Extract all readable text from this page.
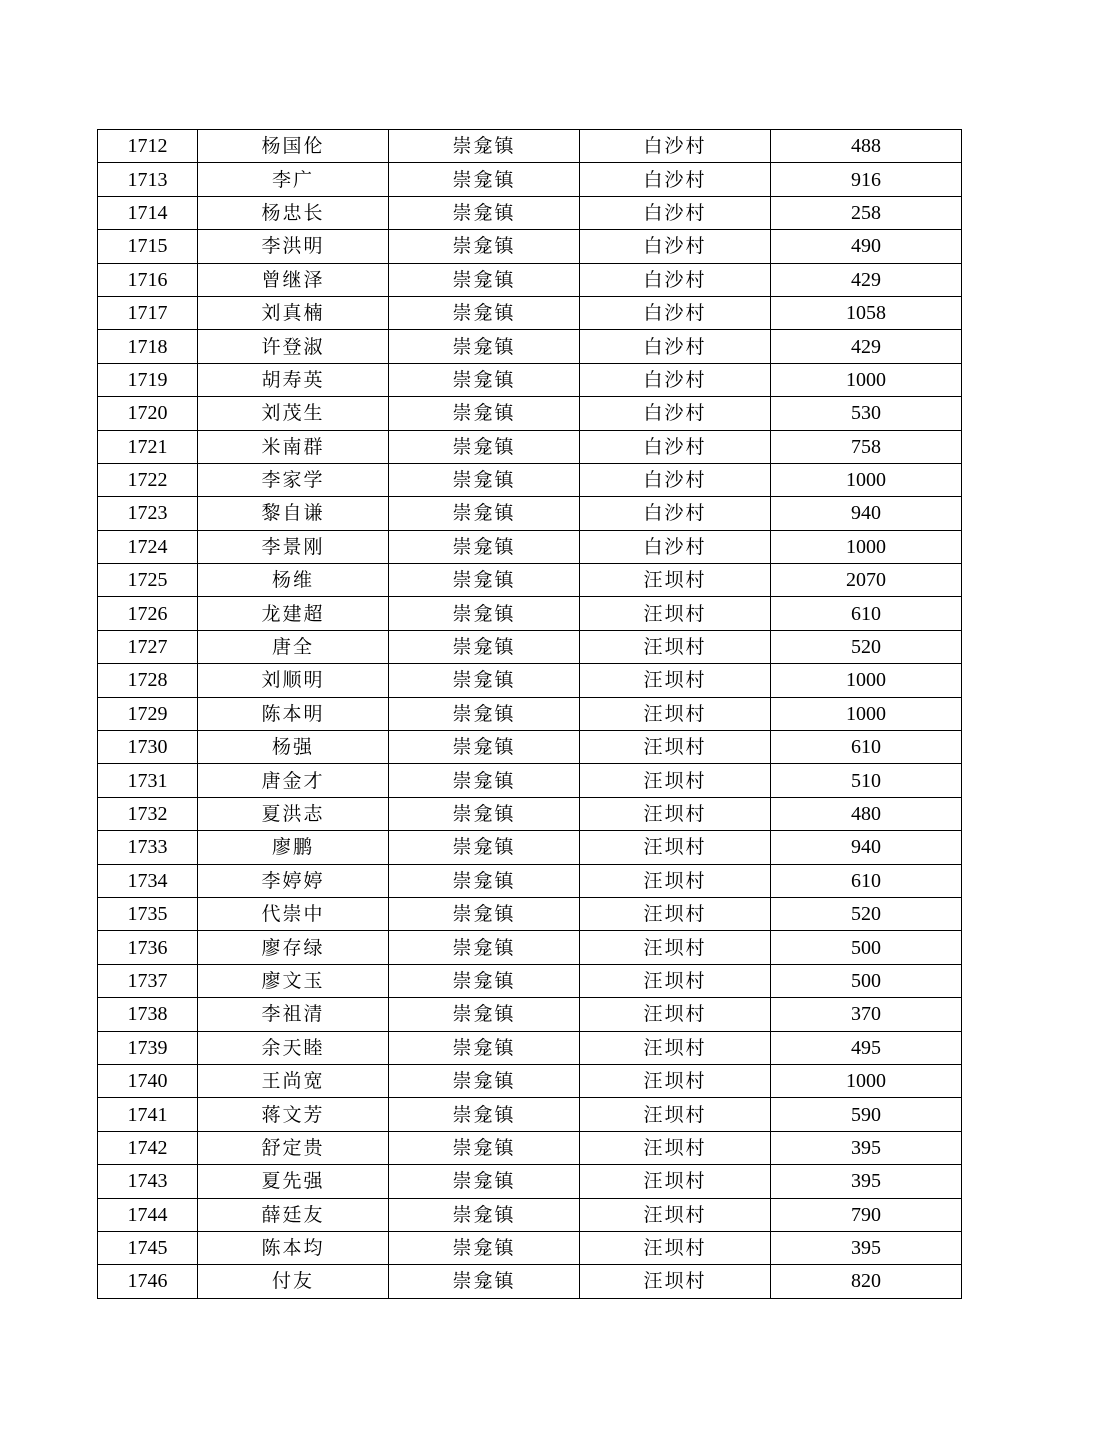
1712	杨国伦	崇龛镇	白沙村	488
1713	李广	崇龛镇	白沙村	916
1714	杨忠长	崇龛镇	白沙村	258
1715	李洪明	崇龛镇	白沙村	490
1716	曾继泽	崇龛镇	白沙村	429
1717	刘真楠	崇龛镇	白沙村	1058
1718	许登淑	崇龛镇	白沙村	429
1719	胡寿英	崇龛镇	白沙村	1000
1720	刘茂生	崇龛镇	白沙村	530
1721	米南群	崇龛镇	白沙村	758
1722	李家学	崇龛镇	白沙村	1000
1723	黎自谦	崇龛镇	白沙村	940
1724	李景刚	崇龛镇	白沙村	1000
1725	杨维	崇龛镇	汪坝村	2070
1726	龙建超	崇龛镇	汪坝村	610
1727	唐全	崇龛镇	汪坝村	520
1728	刘顺明	崇龛镇	汪坝村	1000
1729	陈本明	崇龛镇	汪坝村	1000
1730	杨强	崇龛镇	汪坝村	610
1731	唐金才	崇龛镇	汪坝村	510
1732	夏洪志	崇龛镇	汪坝村	480
1733	廖鹏	崇龛镇	汪坝村	940
1734	李婷婷	崇龛镇	汪坝村	610
1735	代崇中	崇龛镇	汪坝村	520
1736	廖存绿	崇龛镇	汪坝村	500
1737	廖文玉	崇龛镇	汪坝村	500
1738	李祖清	崇龛镇	汪坝村	370
1739	余天睦	崇龛镇	汪坝村	495
1740	王尚宽	崇龛镇	汪坝村	1000
1741	蒋文芳	崇龛镇	汪坝村	590
1742	舒定贵	崇龛镇	汪坝村	395
1743	夏先强	崇龛镇	汪坝村	395
1744	薛廷友	崇龛镇	汪坝村	790
1745	陈本均	崇龛镇	汪坝村	395
1746	付友	崇龛镇	汪坝村	820
